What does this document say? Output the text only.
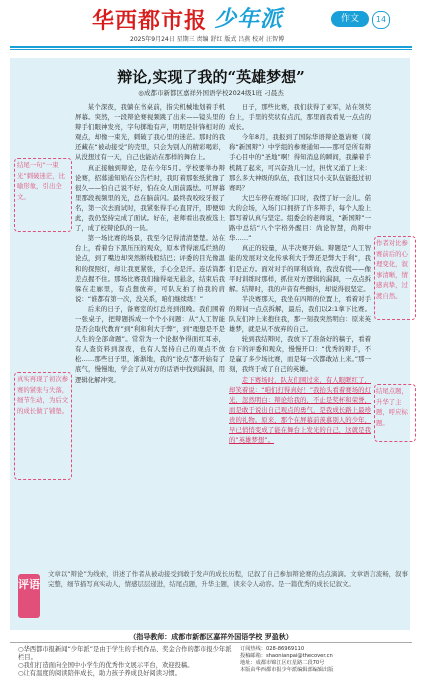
华西都市报 少年派	作文	14
2025年9月24日 星期三 责编 舒红 版式 吕燕 校对 汪智博
辩论,实现了我的“英雄梦想”
◎成都市新都区嘉祥外国语学校2024级1班 刁晨杰

某个深夜，我躺在书桌前，指尖机械地划着手机屏幕。突然，一段辩论赛视频跳了出来——镜头里的辩手们眼神发亮，字句掷地有声，明明是针锋相对的观点，却像一束光，刺破了我心里的迷茫。那时的我还藏在“被动接受”的壳里，只会为别人的精彩喝彩，从没想过有一天，自己也能站在那样的舞台上。

真正接触到辩论，是在今年5月。学校要举办辩论赛，招募通知贴在公告栏时，我盯着那张纸犹豫了很久——怕自己说不好，怕在众人面前露怯。可屏幕里那段视频里的光，总在脑前闪。最终我咬咬牙报了名，第一次去面试时，我紧张得手心直冒汗，即便如此，我仍坚持完成了面试。好在，老师看出我被选上了，成了校辩论队的一员。

第一场比赛的场景，我至今记得清清楚楚。站在台上，看着台下黑压压的观众，原本背得滚瓜烂熟的论点，到了嘴边却突然断线般结巴；评委的目光像温和的探照灯，却让我更紧张，手心全是汗。连话筒都差点握不住。那场比赛我们输得毫无悬念，结束后我躲在走廊里，有点想放弃，可队友拍了拍我的肩说：“谁都有第一次，没关系，咱们继续练！”

后来的日子，备赛室的灯总亮到很晚。我们围着一张桌子，把辩题拆成一个个小问题：从“人工智能是否会取代教育”到“利和利大于弊”，到“理想是不是人生的全部命题”。常常为一个论据争得面红耳赤，有人查资料到深夜，也有人坚持自己的观点不放松……那些日子里，渐渐地，我的“论点”都开始有了底气，慢慢地，学会了从对方的话语中找到漏洞，用逻辑化解冲突。

日子，那些比赛，我们获得了亚军，站在领奖台上，手里的奖状有点沉，那里面我看见一点点的成长。

今年8月，我报到了国际华语辩论邀请赛（简称“新国辩”）中学组的参赛通知——那可是所有辩手心目中的“圣地”啊！得知消息的瞬间，我攥着手机跳了起来，可兴奋劲儿一过，担忧又涌了上来：那么多大神级的队伍，我们这只小支队伍能挺过初赛吗？

大巴车停在赛场门口时，我愣了好一会儿。偌大的会场，入场门口拥挤了许多辩手，每个人脸上都写着认真与坚定。组委会的老师说，“新国辩”一路中总结“八个字格外醒目：尚论智慧，尚辩中华……”

真正的较量，从半决赛开始。辩题是“人工智能的发展对文化传承利大于弊还是弊大于利”，我们是正方。面对对手的犀利质询，我没有慌——像平时训练时那样，抓住对方逻辑的漏洞，一点点拆解。结辩时，我的声音有些颤抖，却说得很坚定。

半决赛那天，我坐在四辩的位置上，看着对手的辩词一点点拆解，最后，我们以2:1拿下比赛。队友们冲上来抱住我，那一刻我突然明白：原来英雄梦，就是从不放弃的自己。

轮到我结辩时，我放下了准备好的稿子，看着台下的评委和观众，慢慢开口：“优秀的辩手，不是赢了多少场比赛，而是每一次都敢站上来。”那一刻，我终于成了自己的英雄。

走下赛场时，队友们围过来，有人眼眶红了，却笑着说：“咱们打得真好！”我抬头看着赛场的灯光，忽然明白：辩论给我的，不止是奖杯和荣誉，而是敢于说出自己观点的勇气，是我成长路上最珍贵的礼物。原来，那个在屏幕前羡慕别人的少年，早已悄悄变成了能在舞台上发光的自己，这就是我的“英雄梦想”。

结尾一句“一束光”刺破迷茫，比喻形象，引出全文。
真实再现了初次参赛的紧张与失落，细节生动，为后文的成长做了铺垫。
作者对比参赛前后的心理变化，叙事清晰，情感真挚，过渡自然。
结尾点题，升华了主题，呼应标题。
评语
文章以“辩论”为线索，讲述了作者从被动接受到敢于发声的成长历程，记叙了自己参加辩论赛的点点滴滴。文章语言流畅，叙事完整，细节描写真实动人，情感层层递进，结尾点题，升华主题，读来令人动容。是一篇优秀的成长记叙文。
（指导教师：成都市新都区嘉祥外国语学校 罗盈秋）
○华西都市报新闻“少年派”是由于学生的手机作品、奖金合作的都市报少年派栏目。
○我们打造面向全国中小学生的优秀作文展示平台，欢迎投稿。
○让有温度的阅读陪伴成长，助力孩子养成良好阅读习惯。
订阅热线：028-86969110
投稿邮箱：shaonianpai@thecover.cn
地址：成都市锦江区红星路二段70号
本版由华西都市报少年派编辑部编辑出版
